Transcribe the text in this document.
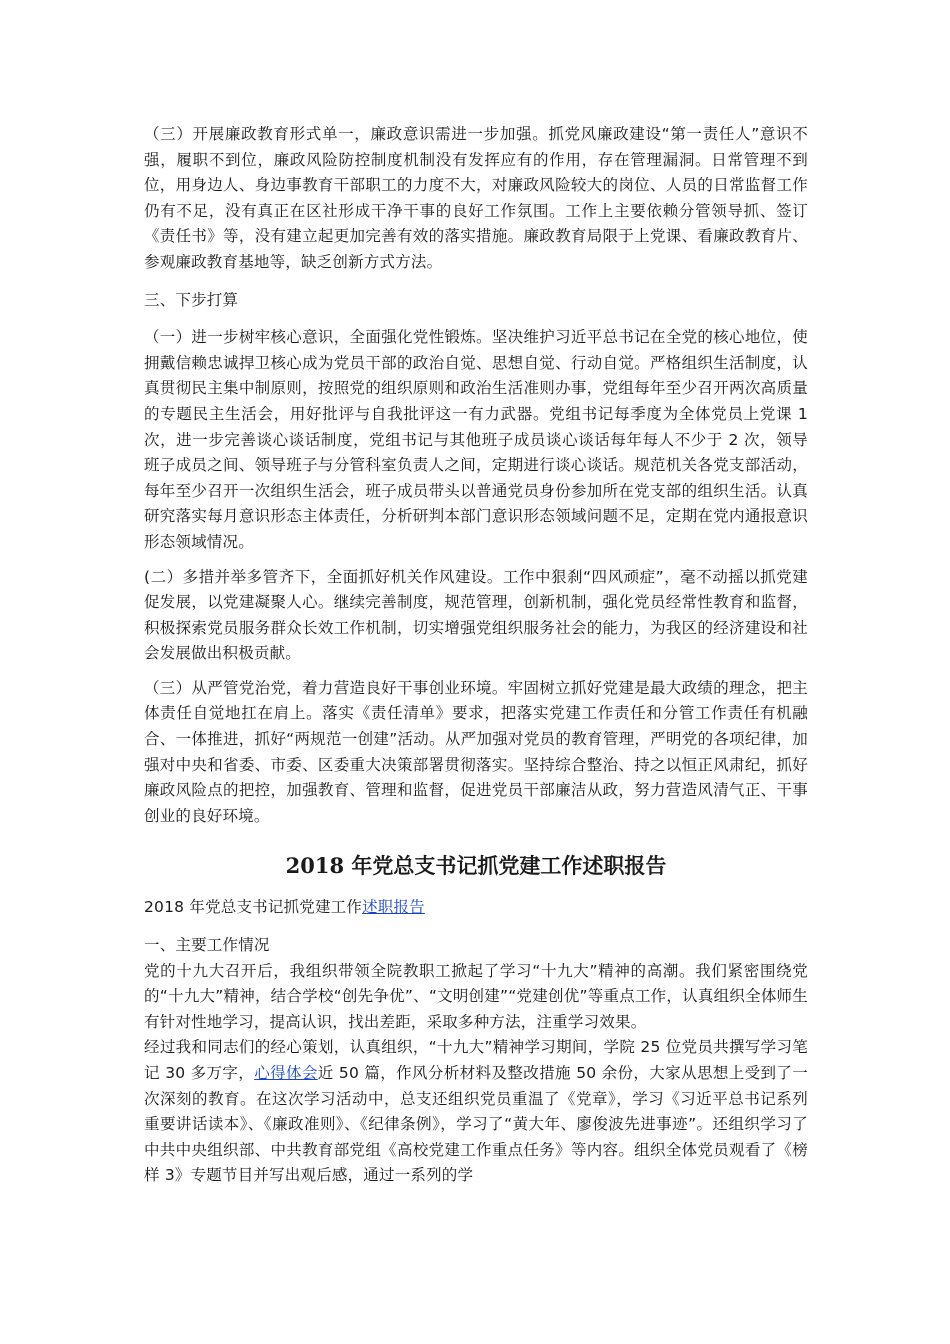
（三）开展廉政教育形式单一，廉政意识需进一步加强。抓党风廉政建设“第一责任人”意识不强，履职不到位，廉政风险防控制度机制没有发挥应有的作用，存在管理漏洞。日常管理不到位，用身边人、身边事教育干部职工的力度不大，对廉政风险较大的岗位、人员的日常监督工作仍有不足，没有真正在区社形成干净干事的良好工作氛围。工作上主要依赖分管领导抓、签订《责任书》等，没有建立起更加完善有效的落实措施。廉政教育局限于上党课、看廉政教育片、参观廉政教育基地等，缺乏创新方式方法。

三、下步打算

（一）进一步树牢核心意识，全面强化党性锻炼。坚决维护习近平总书记在全党的核心地位，使拥戴信赖忠诚捍卫核心成为党员干部的政治自觉、思想自觉、行动自觉。严格组织生活制度，认真贯彻民主集中制原则，按照党的组织原则和政治生活准则办事，党组每年至少召开两次高质量的专题民主生活会，用好批评与自我批评这一有力武器。党组书记每季度为全体党员上党课 1 次，进一步完善谈心谈话制度，党组书记与其他班子成员谈心谈话每年每人不少于 2 次，领导班子成员之间、领导班子与分管科室负责人之间，定期进行谈心谈话。规范机关各党支部活动，每年至少召开一次组织生活会，班子成员带头以普通党员身份参加所在党支部的组织生活。认真研究落实每月意识形态主体责任，分析研判本部门意识形态领域问题不足，定期在党内通报意识形态领域情况。

(二）多措并举多管齐下，全面抓好机关作风建设。工作中狠刹“四风顽症”，毫不动摇以抓党建促发展，以党建凝聚人心。继续完善制度，规范管理，创新机制，强化党员经常性教育和监督，积极探索党员服务群众长效工作机制，切实增强党组织服务社会的能力，为我区的经济建设和社会发展做出积极贡献。

（三）从严管党治党，着力营造良好干事创业环境。牢固树立抓好党建是最大政绩的理念，把主体责任自觉地扛在肩上。落实《责任清单》要求，把落实党建工作责任和分管工作责任有机融合、一体推进，抓好“两规范一创建”活动。从严加强对党员的教育管理，严明党的各项纪律，加强对中央和省委、市委、区委重大决策部署贯彻落实。坚持综合整治、持之以恒正风肃纪，抓好廉政风险点的把控，加强教育、管理和监督，促进党员干部廉洁从政，努力营造风清气正、干事创业的良好环境。

2018 年党总支书记抓党建工作述职报告

2018 年党总支书记抓党建工作述职报告

一、主要工作情况

党的十九大召开后，我组织带领全院教职工掀起了学习“十九大”精神的高潮。我们紧密围绕党的“十九大”精神，结合学校“创先争优”、“文明创建”“党建创优”等重点工作，认真组织全体师生有针对性地学习，提高认识，找出差距，采取多种方法，注重学习效果。

经过我和同志们的经心策划，认真组织，“十九大”精神学习期间，学院 25 位党员共撰写学习笔记 30 多万字，心得体会近 50 篇，作风分析材料及整改措施 50 余份，大家从思想上受到了一次深刻的教育。在这次学习活动中，总支还组织党员重温了《党章》，学习《习近平总书记系列重要讲话读本》、《廉政准则》、《纪律条例》，学习了“黄大年、廖俊波先进事迹”。还组织学习了中共中央组织部、中共教育部党组《高校党建工作重点任务》等内容。组织全体党员观看了《榜样 3》专题节目并写出观后感，通过一系列的学
